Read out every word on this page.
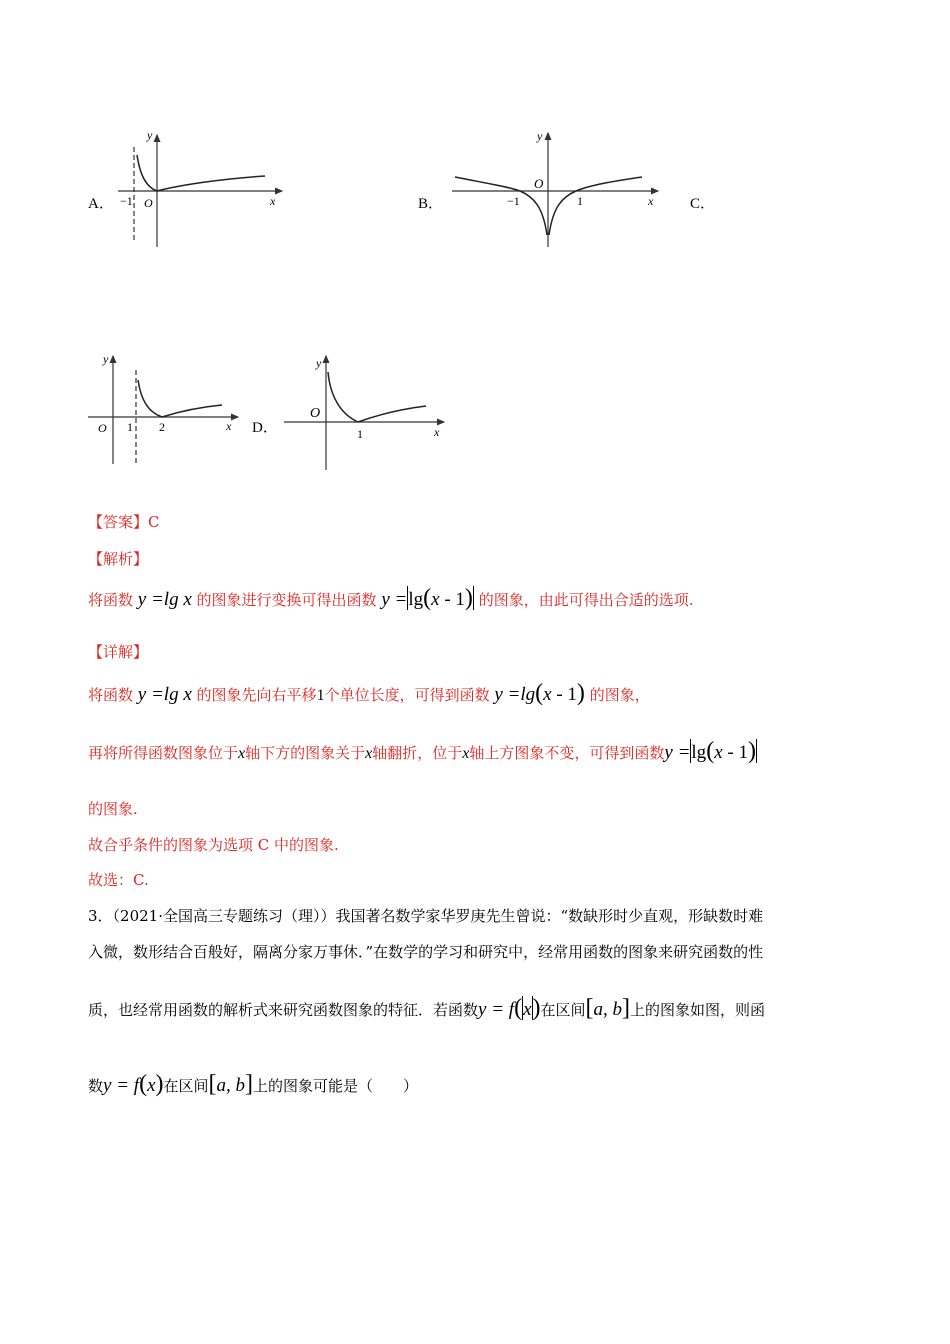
A． −1 O	x
y
B．	−1	1
O
x
y
C．
O 1 2	x
y
D．
O
1	x
y
【答案】C
【解析】
将函数 y =lg x 的图象进行变换可得出函数 y =lg(x - 1) 的图象，由此可得出合适的选项.
【详解】
将函数 y =lg x 的图象先向右平移1个单位长度，可得到函数 y =lg(x - 1) 的图象，
再将所得函数图象位于x轴下方的图象关于x轴翻折，位于x轴上方图象不变，可得到函数y =lg(x - 1)
的图象.
故合乎条件的图象为选项 C 中的图象.
故选：C.
3．（2021·全国高三专题练习（理））我国著名数学家华罗庚先生曾说：“数缺形时少直观，形缺数时难
入微，数形结合百般好，隔离分家万事休．”在数学的学习和研究中，经常用函数的图象来研究函数的性
质，也经常用函数的解析式来研究函数图象的特征．若函数y = f(x)在区间[a, b]上的图象如图，则函
数y = f(x)在区间[a, b]上的图象可能是（　　）
